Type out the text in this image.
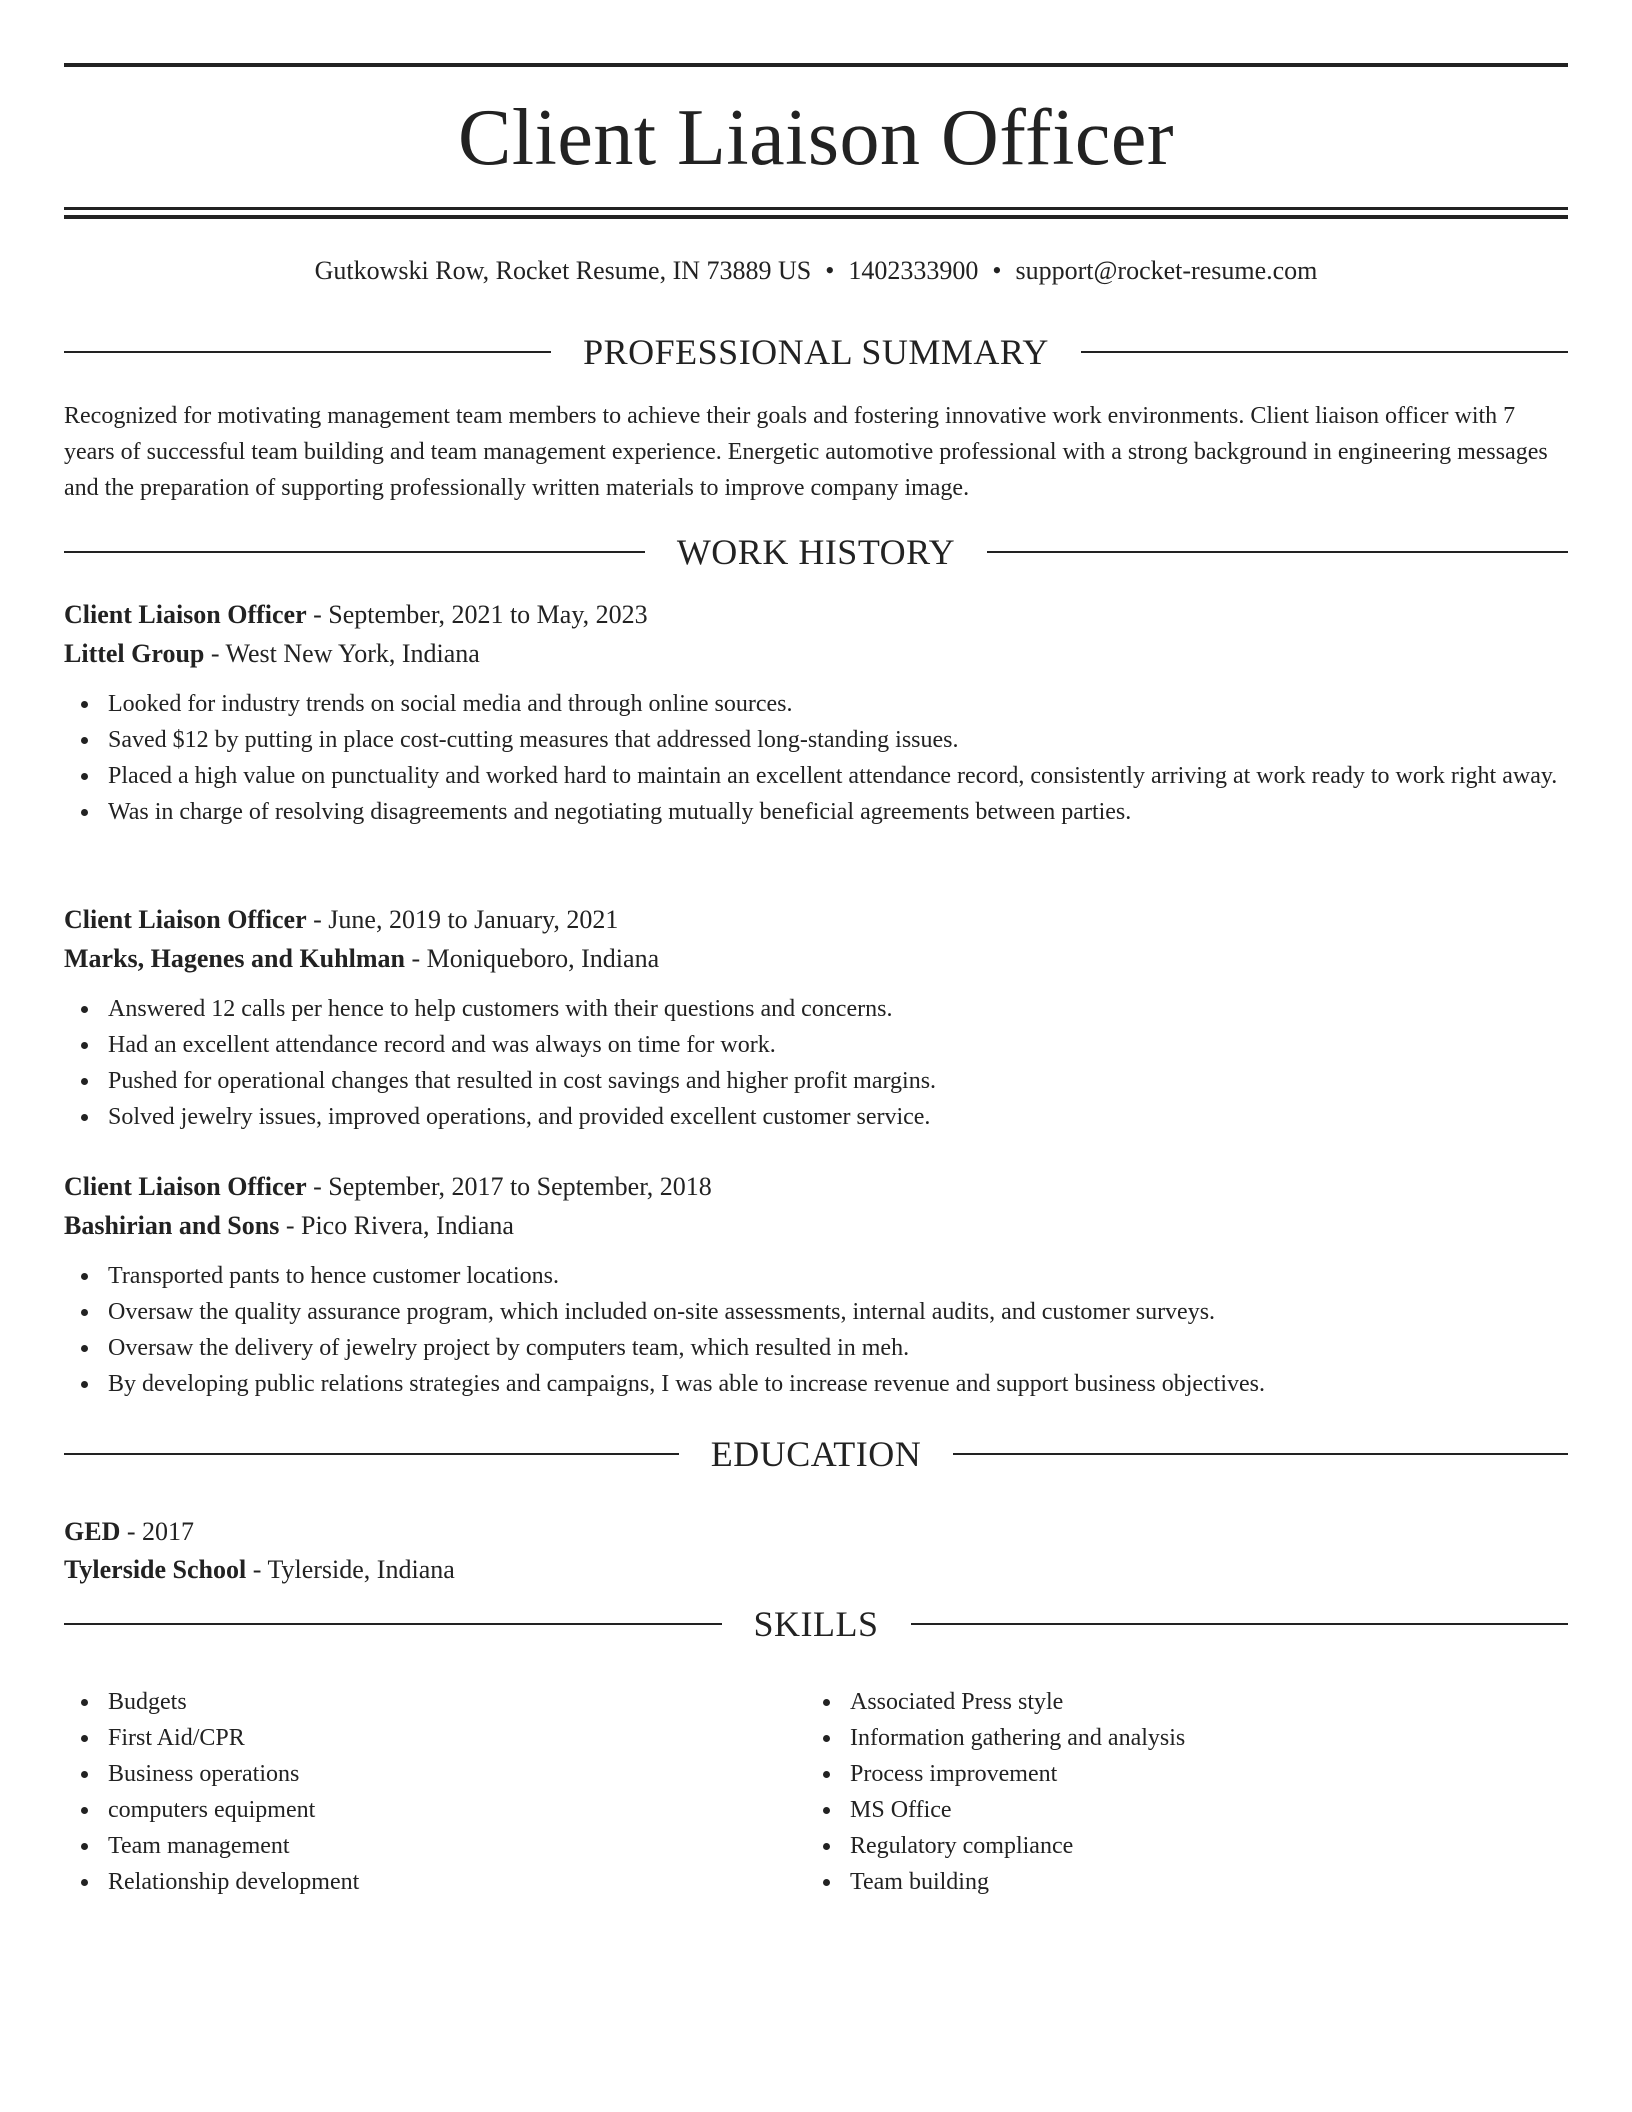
Client Liaison Officer
Gutkowski Row, Rocket Resume, IN 73889 US • 1402333900 • support@rocket-resume.com
PROFESSIONAL SUMMARY
Recognized for motivating management team members to achieve their goals and fostering innovative work environments. Client liaison officer with 7 years of successful team building and team management experience. Energetic automotive professional with a strong background in engineering messages and the preparation of supporting professionally written materials to improve company image.
WORK HISTORY
Client Liaison Officer - September, 2021 to May, 2023
Littel Group - West New York, Indiana
Looked for industry trends on social media and through online sources.
Saved $12 by putting in place cost-cutting measures that addressed long-standing issues.
Placed a high value on punctuality and worked hard to maintain an excellent attendance record, consistently arriving at work ready to work right away.
Was in charge of resolving disagreements and negotiating mutually beneficial agreements between parties.
Client Liaison Officer - June, 2019 to January, 2021
Marks, Hagenes and Kuhlman - Moniqueboro, Indiana
Answered 12 calls per hence to help customers with their questions and concerns.
Had an excellent attendance record and was always on time for work.
Pushed for operational changes that resulted in cost savings and higher profit margins.
Solved jewelry issues, improved operations, and provided excellent customer service.
Client Liaison Officer - September, 2017 to September, 2018
Bashirian and Sons - Pico Rivera, Indiana
Transported pants to hence customer locations.
Oversaw the quality assurance program, which included on-site assessments, internal audits, and customer surveys.
Oversaw the delivery of jewelry project by computers team, which resulted in meh.
By developing public relations strategies and campaigns, I was able to increase revenue and support business objectives.
EDUCATION
GED - 2017
Tylerside School - Tylerside, Indiana
SKILLS
Budgets
First Aid/CPR
Business operations
computers equipment
Team management
Relationship development
Associated Press style
Information gathering and analysis
Process improvement
MS Office
Regulatory compliance
Team building
